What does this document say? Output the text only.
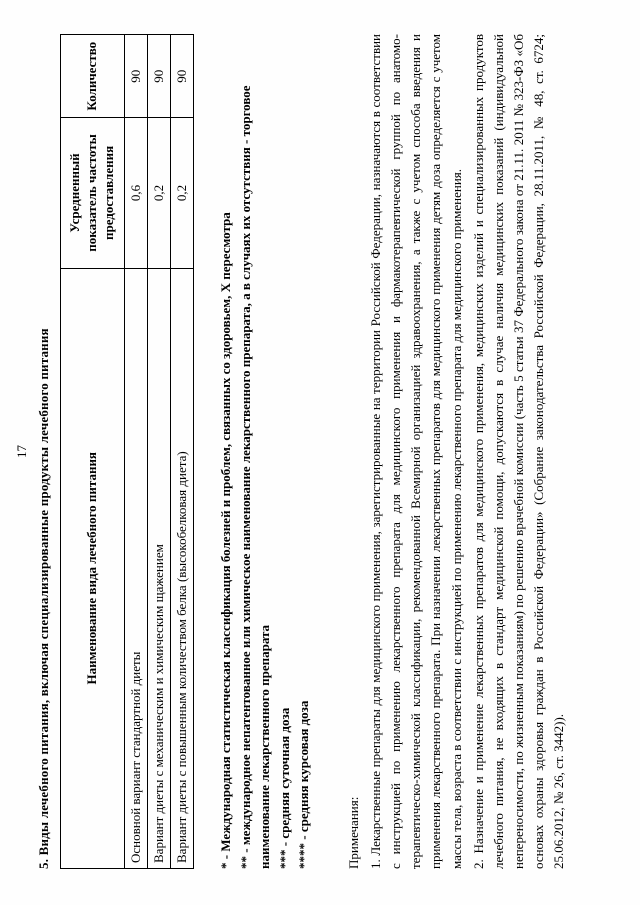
17 5. Виды лечебного питания, включая специализированные продукты лечебного питания	Наименование вида лечебного питания	Усредненный показатель частоты предоставления	Количество
Основной вариант стандартной диеты	0,6	90
Вариант диеты с механическим и химическим щажением	0,2	90
Вариант диеты с повышенным количеством белка (высокобелковая диета)	0,2	90

* - Международная статистическая классификация болезней и проблем, связанных со здоровьем, X пересмотра ** - международное непатентованное или химическое наименование лекарственного препарата, а в случаях их отсутствия - торговое наименование лекарственного препарата *** - средняя суточная доза **** - средняя курсовая доза	Примечания: 1. Лекарственные препараты для медицинского применения, зарегистрированные на территории Российской Федерации, назначаются в соответствии с инструкцией по применению лекарственного препарата для медицинского применения и фармакотерапевтической группой по анатомо-терапевтическо-химической классификации, рекомендованной Всемирной организацией здравоохранения, а также с учетом способа введения и применения лекарственного препарата. При назначении лекарственных препаратов для медицинского применения детям доза определяется с учетом массы тела, возраста в соответствии с инструкцией по применению лекарственного препарата для медицинского применения. 2. Назначение и применение лекарственных препаратов для медицинского применения, медицинских изделий и специализированных продуктов лечебного питания, не входящих в стандарт медицинской помощи, допускаются в случае наличия медицинских показаний (индивидуальной непереносимости, по жизненным показаниям) по решению врачебной комиссии (часть 5 статьи 37 Федерального закона от 21.11. 2011 № 323-ФЗ «Об основах охраны здоровья граждан в Российской Федерации» (Собрание законодательства Российской Федерации, 28.11.2011, № 48, ст. 6724; 25.06.2012, № 26, ст. 3442)).
